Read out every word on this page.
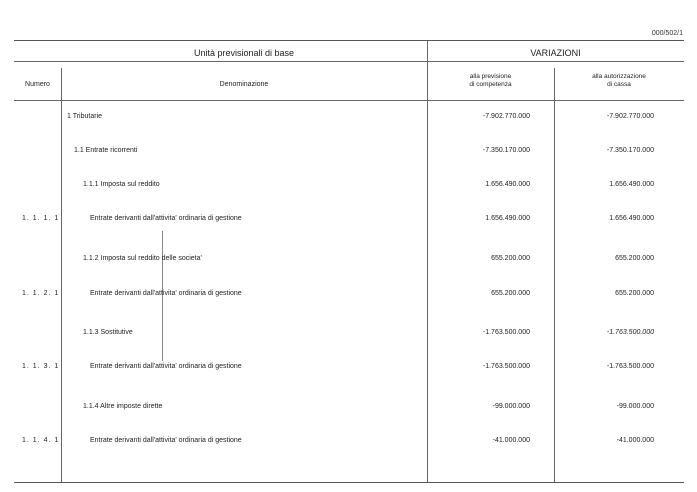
000/502/1
Unità previsionali di base	VARIAZIONI
Numero	Denominazione
alla previsione
di competenza
alla autorizzazione
di cassa
1 Tributarie	-7.902.770.000	-7.902.770.000
1.1 Entrate ricorrenti	-7.350.170.000	-7.350.170.000
1.1.1 Imposta sul reddito	1.656.490.000	1.656.490.000
1. 1. 1. 1	Entrate derivanti dall'attivita' ordinaria di gestione	1.656.490.000	1.656.490.000
1.1.2 Imposta sul reddito delle societa'	655.200.000	655.200.000
1. 1. 2. 1	Entrate derivanti dall'attivita' ordinaria di gestione	655.200.000	655.200.000
1.1.3 Sostitutive	-1.763.500.000	-1.763.500.000
1. 1. 3. 1	Entrate derivanti dall'attivita' ordinaria di gestione	-1.763.500.000	-1.763.500.000
1.1.4 Altre imposte dirette	-99.000.000	-99.000.000
1. 1. 4. 1	Entrate derivanti dall'attivita' ordinaria di gestione	-41.000.000	-41.000.000
